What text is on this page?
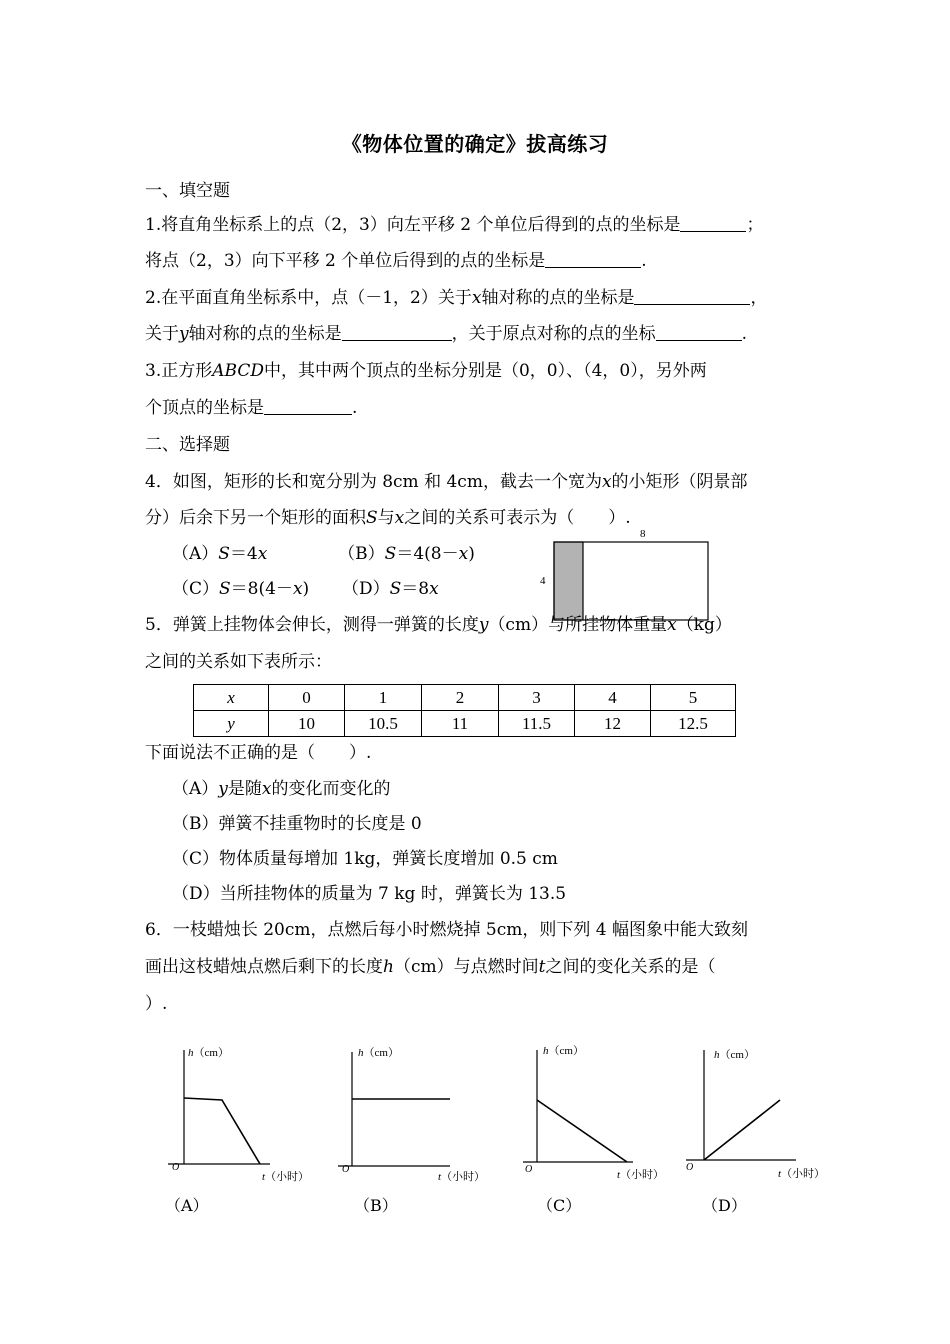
《物体位置的确定》拔高练习
一、填空题
1.将直角坐标系上的点（2，3）向左平移 2 个单位后得到的点的坐标是	；
将点（2，3）向下平移 2 个单位后得到的点的坐标是	.
2.在平面直角坐标系中，点（－1，2）关于x轴对称的点的坐标是	，
关于y轴对称的点的坐标是	，关于原点对称的点的坐标	.
3.正方形ABCD中，其中两个顶点的坐标分别是（0，0）、（4，0），另外两
个顶点的坐标是	.
二、选择题
4．如图，矩形的长和宽分别为 8cm 和 4cm，截去一个宽为x的小矩形（阴景部
分）后余下另一个矩形的面积S与x之间的关系可表示为（　　）.
（A）S＝4x	（B）S＝4(8－x)
（C）S＝8(4－x) （D）S＝8x
8
4
5．弹簧上挂物体会伸长，测得一弹簧的长度y（cm）与所挂物体重量x（kg）
之间的关系如下表所示：
x	0	1	2	3	4	5
y	10	10.5	11	11.5	12	12.5
下面说法不正确的是（　　）.
（A）y是随x的变化而变化的
（B）弹簧不挂重物时的长度是 0
（C）物体质量每增加 1kg，弹簧长度增加 0.5 cm
（D）当所挂物体的质量为 7 kg 时，弹簧长为 13.5
6．一枝蜡烛长 20cm，点燃后每小时燃烧掉 5cm，则下列 4 幅图象中能大致刻
画出这枝蜡烛点燃后剩下的长度h（cm）与点燃时间t之间的变化关系的是（
）.
h（cm）
O
t（小时）
h（cm）
O
t（小时）
h（cm）
O	t（小时）
h（cm）
O
t（小时）
（A）	（B）	（C）	（D）
